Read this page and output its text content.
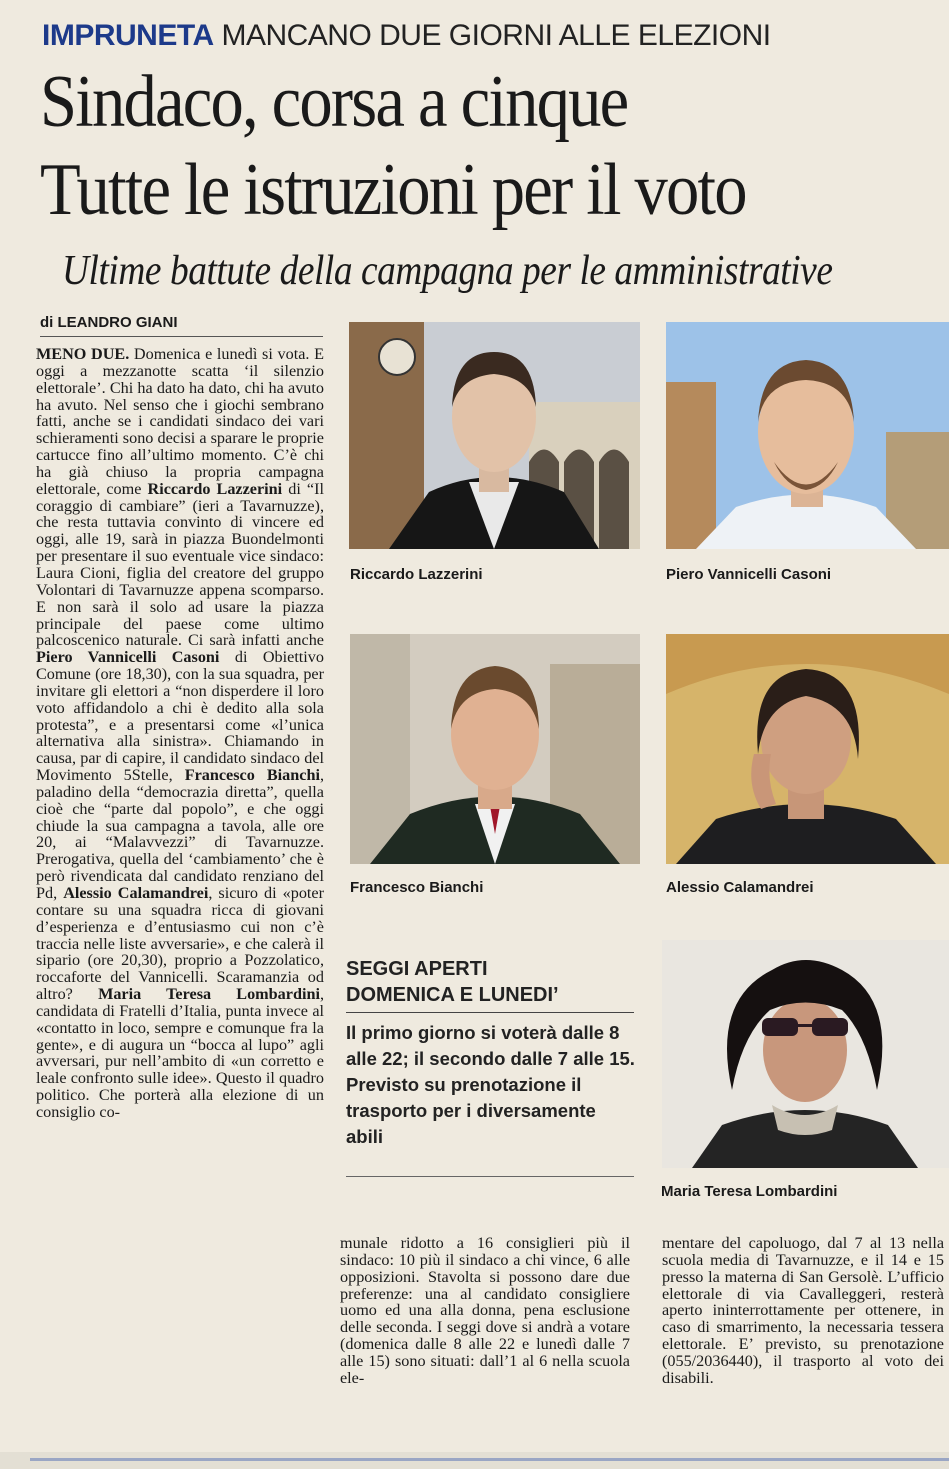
IMPRUNETA MANCANO DUE GIORNI ALLE ELEZIONI
Sindaco, corsa a cinque
Tutte le istruzioni per il voto
Ultime battute della campagna per le amministrative
di LEANDRO GIANI

MENO DUE. Domenica e lunedì si vota. E oggi a mezzanotte scatta ‘il silenzio elettorale’. Chi ha dato ha dato, chi ha avuto ha avuto. Nel senso che i giochi sembrano fatti, anche se i candidati sindaco dei vari schieramenti sono decisi a sparare le proprie cartucce fino all’ultimo momento. C’è chi ha già chiuso la propria campagna elettorale, come Riccardo Lazzerini di “Il coraggio di cambiare” (ieri a Tavarnuzze), che resta tuttavia convinto di vincere ed oggi, alle 19, sarà in piazza Buondelmonti per presentare il suo eventuale vice sindaco: Laura Cioni, figlia del creatore del gruppo Volontari di Tavarnuzze appena scomparso. E non sarà il solo ad usare la piazza principale del paese come ultimo palcoscenico naturale. Ci sarà infatti anche Piero Vannicelli Casoni di Obiettivo Comune (ore 18,30), con la sua squadra, per invitare gli elettori a “non disperdere il loro voto affidandolo a chi è dedito alla sola protesta”, e a presentarsi come «l’unica alternativa alla sinistra». Chiamando in causa, par di capire, il candidato sindaco del Movimento 5Stelle, Francesco Bianchi, paladino della “democrazia diretta”, quella cioè che “parte dal popolo”, e che oggi chiude la sua campagna a tavola, alle ore 20, ai “Malavvezzi” di Tavarnuzze. Prerogativa, quella del ‘cambiamento’ che è però rivendicata dal candidato renziano del Pd, Alessio Calamandrei, sicuro di «poter contare su una squadra ricca di giovani d’esperienza e d’entusiasmo cui non c’è traccia nelle liste avversarie», e che calerà il sipario (ore 20,30), proprio a Pozzolatico, roccaforte del Vannicelli. Scaramanzia od altro? Maria Teresa Lombardini, candidata di Fratelli d’Italia, punta invece al «contatto in loco, sempre e comunque fra la gente», e di augura un “bocca al lupo” agli avversari, pur nell’ambito di «un corretto e leale confronto sulle idee». Questo il quadro politico. Che porterà alla elezione di un consiglio co-

Riccardo Lazzerini	Piero Vannicelli Casoni
Francesco Bianchi	Alessio Calamandrei
Maria Teresa Lombardini
SEGGI APERTI
DOMENICA E LUNEDI’
Il primo giorno si voterà dalle 8 alle 22; il secondo dalle 7 alle 15. Previsto su prenotazione il trasporto per i diversamente abili

munale ridotto a 16 consiglieri più il sindaco: 10 più il sindaco a chi vince, 6 alle opposizioni. Stavolta si possono dare due preferenze: una al candidato consigliere uomo ed una alla donna, pena esclusione delle seconda. I seggi dove si andrà a votare (domenica dalle 8 alle 22 e lunedì dalle 7 alle 15) sono situati: dall’1 al 6 nella scuola ele-

mentare del capoluogo, dal 7 al 13 nella scuola media di Tavarnuzze, e il 14 e 15 presso la materna di San Gersolè. L’ufficio elettorale di via Cavalleggeri, resterà aperto ininterrottamente per ottenere, in caso di smarrimento, la necessaria tessera elettorale. E’ previsto, su prenotazione (055/2036440), il trasporto al voto dei disabili.
